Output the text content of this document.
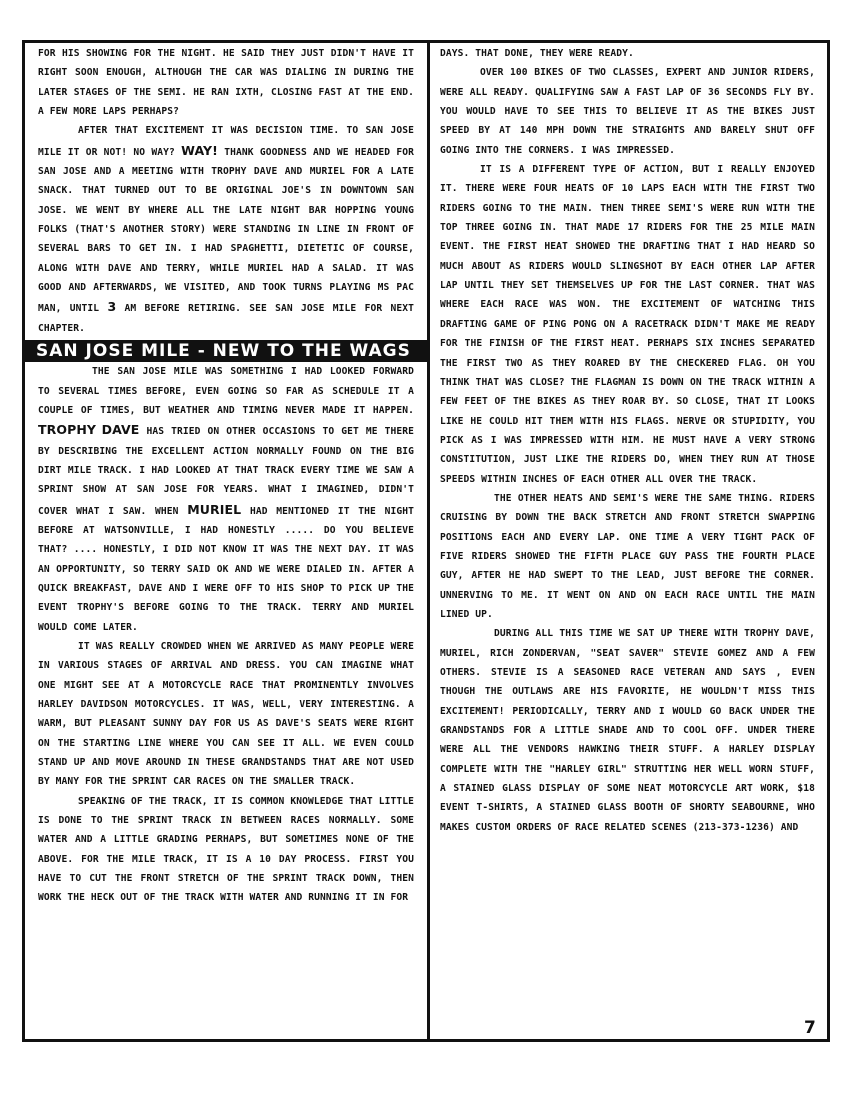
FOR HIS SHOWING FOR THE NIGHT. HE SAID THEY JUST DIDN'T HAVE IT RIGHT SOON ENOUGH, ALTHOUGH THE CAR WAS DIALING IN DURING THE LATER STAGES OF THE SEMI. HE RAN IXTH, CLOSING FAST AT THE END. A FEW MORE LAPS PERHAPS?

AFTER THAT EXCITEMENT IT WAS DECISION TIME. TO SAN JOSE MILE IT OR NOT! NO WAY? WAY! THANK GOODNESS AND WE HEADED FOR SAN JOSE AND A MEETING WITH TROPHY DAVE AND MURIEL FOR A LATE SNACK. THAT TURNED OUT TO BE ORIGINAL JOE'S IN DOWNTOWN SAN JOSE. WE WENT BY WHERE ALL THE LATE NIGHT BAR HOPPING YOUNG FOLKS (THAT'S ANOTHER STORY) WERE STANDING IN LINE IN FRONT OF SEVERAL BARS TO GET IN. I HAD SPAGHETTI, DIETETIC OF COURSE, ALONG WITH DAVE AND TERRY, WHILE MURIEL HAD A SALAD. IT WAS GOOD AND AFTERWARDS, WE VISITED, AND TOOK TURNS PLAYING MS PAC MAN, UNTIL 3 AM BEFORE RETIRING. SEE SAN JOSE MILE FOR NEXT CHAPTER.

SAN JOSE MILE - NEW TO THE WAGS

THE SAN JOSE MILE WAS SOMETHING I HAD LOOKED FORWARD TO SEVERAL TIMES BEFORE, EVEN GOING SO FAR AS SCHEDULE IT A COUPLE OF TIMES, BUT WEATHER AND TIMING NEVER MADE IT HAPPEN. TROPHY DAVE HAS TRIED ON OTHER OCCASIONS TO GET ME THERE BY DESCRIBING THE EXCELLENT ACTION NORMALLY FOUND ON THE BIG DIRT MILE TRACK. I HAD LOOKED AT THAT TRACK EVERY TIME WE SAW A SPRINT SHOW AT SAN JOSE FOR YEARS. WHAT I IMAGINED, DIDN'T COVER WHAT I SAW. WHEN MURIEL HAD MENTIONED IT THE NIGHT BEFORE AT WATSONVILLE, I HAD HONESTLY ..... DO YOU BELIEVE THAT? .... HONESTLY, I DID NOT KNOW IT WAS THE NEXT DAY. IT WAS AN OPPORTUNITY, SO TERRY SAID OK AND WE WERE DIALED IN. AFTER A QUICK BREAKFAST, DAVE AND I WERE OFF TO HIS SHOP TO PICK UP THE EVENT TROPHY'S BEFORE GOING TO THE TRACK. TERRY AND MURIEL WOULD COME LATER.

IT WAS REALLY CROWDED WHEN WE ARRIVED AS MANY PEOPLE WERE IN VARIOUS STAGES OF ARRIVAL AND DRESS. YOU CAN IMAGINE WHAT ONE MIGHT SEE AT A MOTORCYCLE RACE THAT PROMINENTLY INVOLVES HARLEY DAVIDSON MOTORCYCLES. IT WAS, WELL, VERY INTERESTING. A WARM, BUT PLEASANT SUNNY DAY FOR US AS DAVE'S SEATS WERE RIGHT ON THE STARTING LINE WHERE YOU CAN SEE IT ALL. WE EVEN COULD STAND UP AND MOVE AROUND IN THESE GRANDSTANDS THAT ARE NOT USED BY MANY FOR THE SPRINT CAR RACES ON THE SMALLER TRACK.

SPEAKING OF THE TRACK, IT IS COMMON KNOWLEDGE THAT LITTLE IS DONE TO THE SPRINT TRACK IN BETWEEN RACES NORMALLY. SOME WATER AND A LITTLE GRADING PERHAPS, BUT SOMETIMES NONE OF THE ABOVE. FOR THE MILE TRACK, IT IS A 10 DAY PROCESS. FIRST YOU HAVE TO CUT THE FRONT STRETCH OF THE SPRINT TRACK DOWN, THEN WORK THE HECK OUT OF THE TRACK WITH WATER AND RUNNING IT IN FOR

DAYS. THAT DONE, THEY WERE READY.

OVER 100 BIKES OF TWO CLASSES, EXPERT AND JUNIOR RIDERS, WERE ALL READY. QUALIFYING SAW A FAST LAP OF 36 SECONDS FLY BY. YOU WOULD HAVE TO SEE THIS TO BELIEVE IT AS THE BIKES JUST SPEED BY AT 140 MPH DOWN THE STRAIGHTS AND BARELY SHUT OFF GOING INTO THE CORNERS. I WAS IMPRESSED.

IT IS A DIFFERENT TYPE OF ACTION, BUT I REALLY ENJOYED IT. THERE WERE FOUR HEATS OF 10 LAPS EACH WITH THE FIRST TWO RIDERS GOING TO THE MAIN. THEN THREE SEMI'S WERE RUN WITH THE TOP THREE GOING IN. THAT MADE 17 RIDERS FOR THE 25 MILE MAIN EVENT. THE FIRST HEAT SHOWED THE DRAFTING THAT I HAD HEARD SO MUCH ABOUT AS RIDERS WOULD SLINGSHOT BY EACH OTHER LAP AFTER LAP UNTIL THEY SET THEMSELVES UP FOR THE LAST CORNER. THAT WAS WHERE EACH RACE WAS WON. THE EXCITEMENT OF WATCHING THIS DRAFTING GAME OF PING PONG ON A RACETRACK DIDN'T MAKE ME READY FOR THE FINISH OF THE FIRST HEAT. PERHAPS SIX INCHES SEPARATED THE FIRST TWO AS THEY ROARED BY THE CHECKERED FLAG. OH YOU THINK THAT WAS CLOSE? THE FLAGMAN IS DOWN ON THE TRACK WITHIN A FEW FEET OF THE BIKES AS THEY ROAR BY. SO CLOSE, THAT IT LOOKS LIKE HE COULD HIT THEM WITH HIS FLAGS. NERVE OR STUPIDITY, YOU PICK AS I WAS IMPRESSED WITH HIM. HE MUST HAVE A VERY STRONG CONSTITUTION, JUST LIKE THE RIDERS DO, WHEN THEY RUN AT THOSE SPEEDS WITHIN INCHES OF EACH OTHER ALL OVER THE TRACK.

THE OTHER HEATS AND SEMI'S WERE THE SAME THING. RIDERS CRUISING BY DOWN THE BACK STRETCH AND FRONT STRETCH SWAPPING POSITIONS EACH AND EVERY LAP. ONE TIME A VERY TIGHT PACK OF FIVE RIDERS SHOWED THE FIFTH PLACE GUY PASS THE FOURTH PLACE GUY, AFTER HE HAD SWEPT TO THE LEAD, JUST BEFORE THE CORNER. UNNERVING TO ME. IT WENT ON AND ON EACH RACE UNTIL THE MAIN LINED UP.

DURING ALL THIS TIME WE SAT UP THERE WITH TROPHY DAVE, MURIEL, RICH ZONDERVAN, "SEAT SAVER" STEVIE GOMEZ AND A FEW OTHERS. STEVIE IS A SEASONED RACE VETERAN AND SAYS , EVEN THOUGH THE OUTLAWS ARE HIS FAVORITE, HE WOULDN'T MISS THIS EXCITEMENT! PERIODICALLY, TERRY AND I WOULD GO BACK UNDER THE GRANDSTANDS FOR A LITTLE SHADE AND TO COOL OFF. UNDER THERE WERE ALL THE VENDORS HAWKING THEIR STUFF. A HARLEY DISPLAY COMPLETE WITH THE "HARLEY GIRL" STRUTTING HER WELL WORN STUFF, A STAINED GLASS DISPLAY OF SOME NEAT MOTORCYCLE ART WORK, $18 EVENT T-SHIRTS, A STAINED GLASS BOOTH OF SHORTY SEABOURNE, WHO MAKES CUSTOM ORDERS OF RACE RELATED SCENES (213-373-1236) AND

7
